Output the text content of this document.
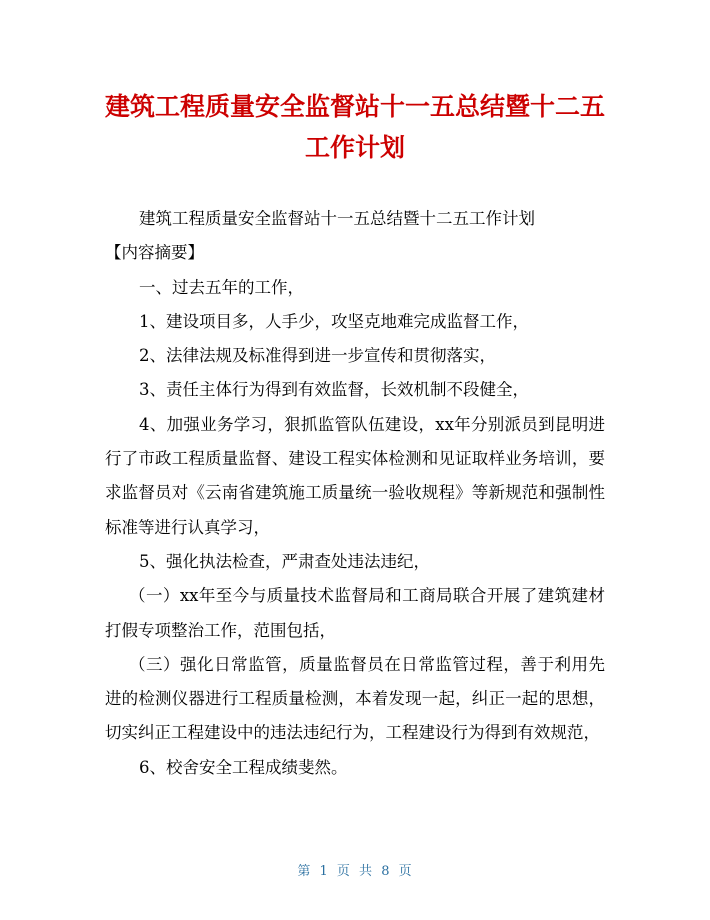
建筑工程质量安全监督站十一五总结暨十二五
工作计划

建筑工程质量安全监督站十一五总结暨十二五工作计划

【内容摘要】

一、过去五年的工作，

1、建设项目多，人手少，攻坚克地难完成监督工作，

2、法律法规及标准得到进一步宣传和贯彻落实，

3、责任主体行为得到有效监督，长效机制不段健全，

4、加强业务学习，狠抓监管队伍建设，xx年分别派员到昆明进行了市政工程质量监督、建设工程实体检测和见证取样业务培训，要求监督员对《云南省建筑施工质量统一验收规程》等新规范和强制性标准等进行认真学习，

5、强化执法检查，严肃查处违法违纪，

（一）xx年至今与质量技术监督局和工商局联合开展了建筑建材打假专项整治工作，范围包括，

（三）强化日常监管，质量监督员在日常监管过程，善于利用先进的检测仪器进行工程质量检测，本着发现一起，纠正一起的思想，切实纠正工程建设中的违法违纪行为，工程建设行为得到有效规范，

6、校舍安全工程成绩斐然。

第 1 页 共 8 页
